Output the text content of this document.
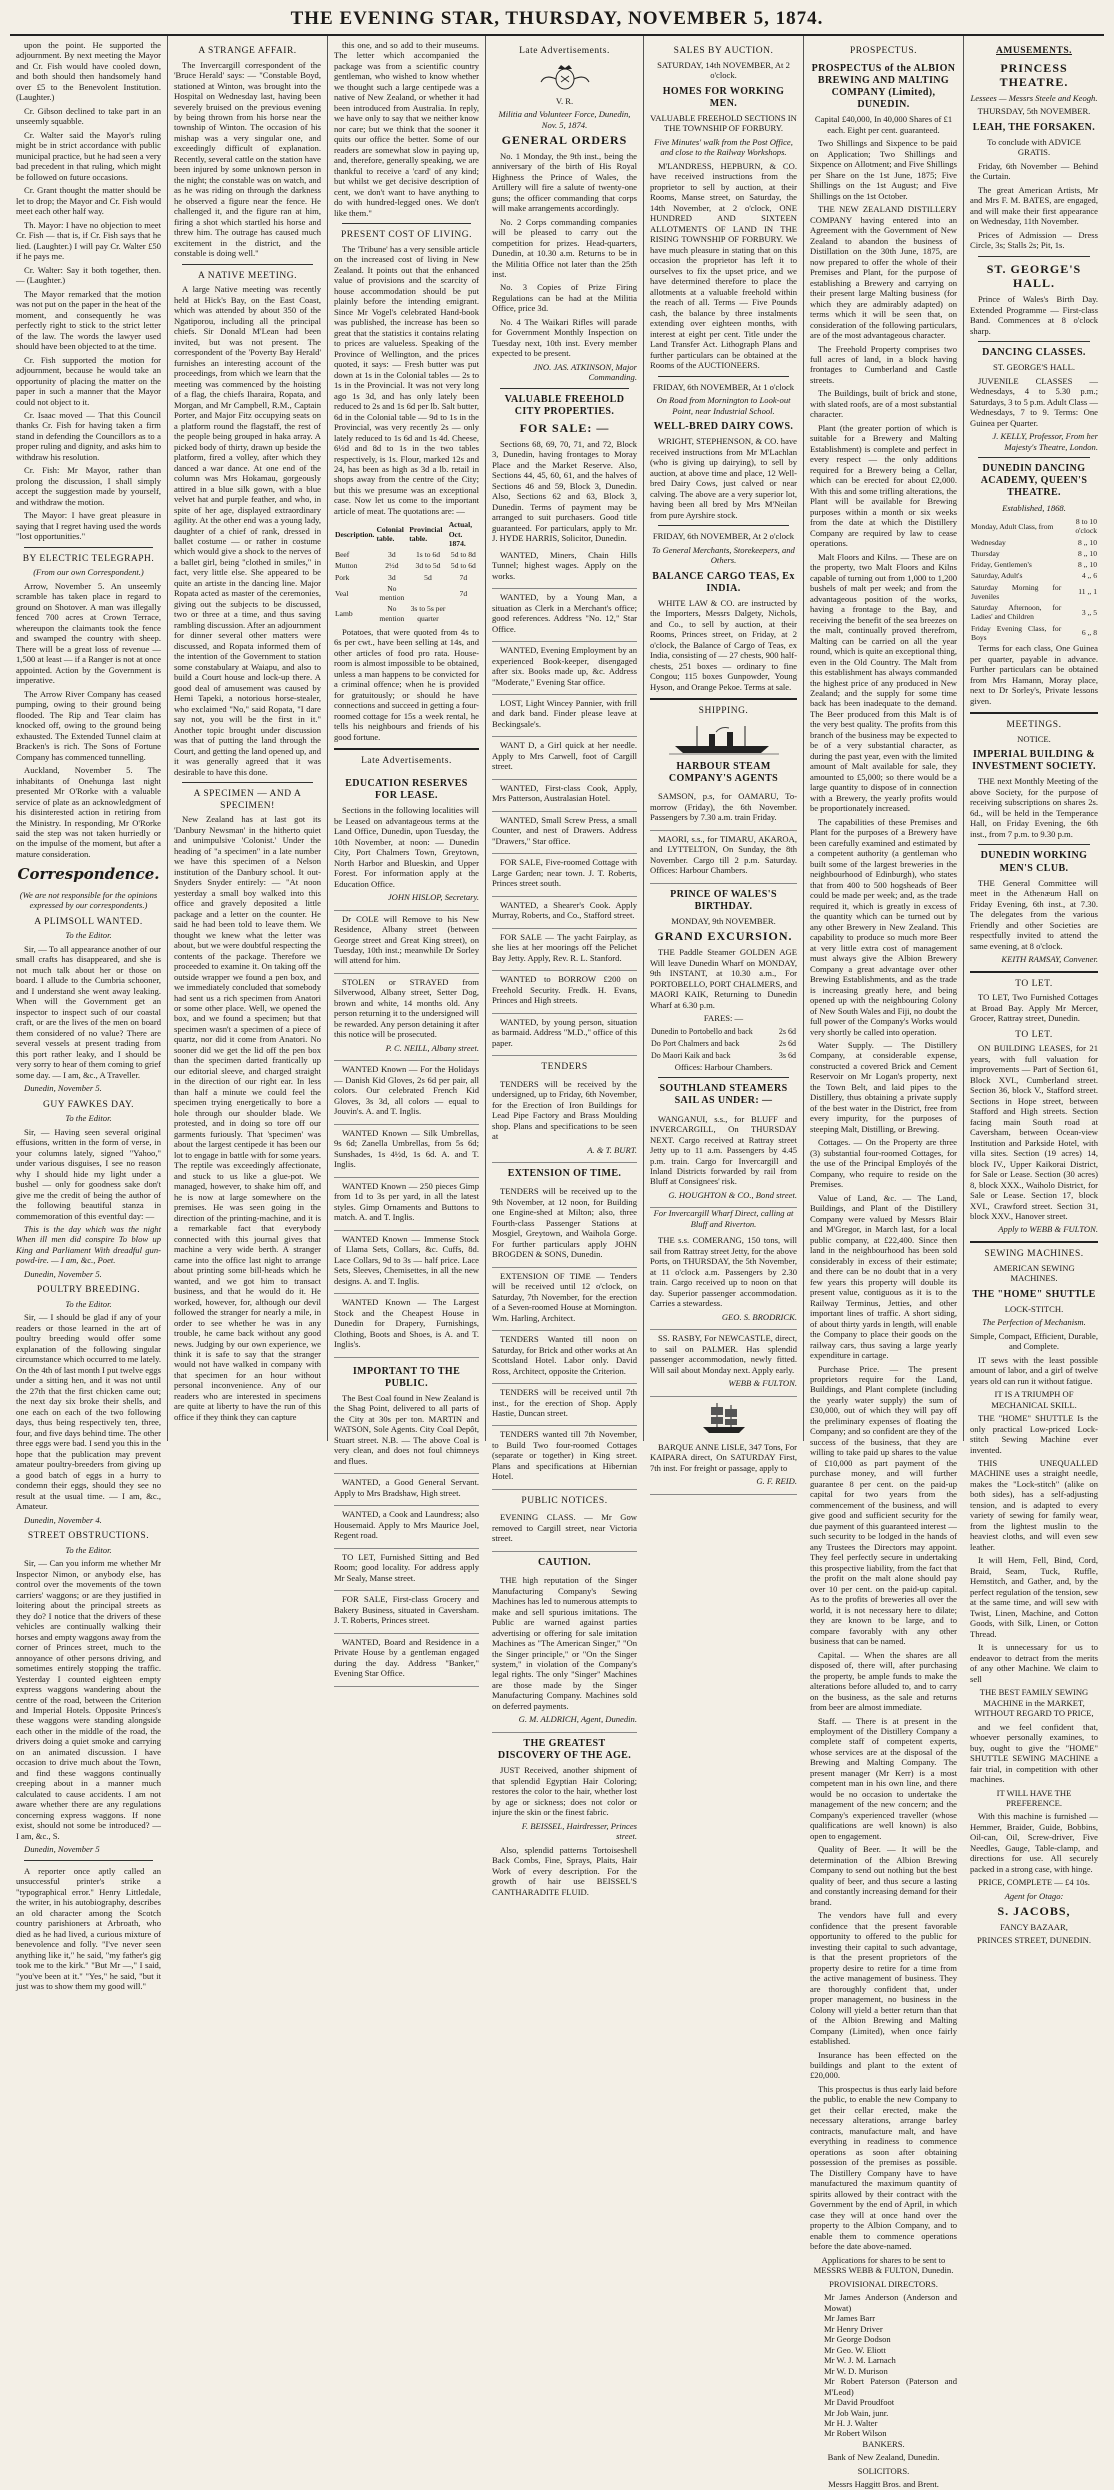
THE EVENING STAR, THURSDAY, NOVEMBER 5, 1874.

upon the point. He supported the adjournment. By next meeting the Mayor and Cr. Fish would have cooled down, and both should then handsomely hand over £5 to the Benevolent Institution. (Laughter.)

Cr. Gibson declined to take part in an unseemly squabble.

Cr. Walter said the Mayor's ruling might be in strict accordance with public municipal practice, but he had seen a very bad precedent in that ruling, which might be followed on future occasions.

Cr. Grant thought the matter should be let to drop; the Mayor and Cr. Fish would meet each other half way.

Th. Mayor: I have no objection to meet Cr. Fish — that is, if Cr. Fish says that he lied. (Laughter.) I will pay Cr. Walter £50 if he pays me.

Cr. Walter: Say it both together, then. — (Laughter.)

The Mayor remarked that the motion was not put on the paper in the heat of the moment, and consequently he was perfectly right to stick to the strict letter of the law. The words the lawyer used should have been objected to at the time.

Cr. Fish supported the motion for adjournment, because he would take an opportunity of placing the matter on the paper in such a manner that the Mayor could not object to it.

Cr. Isaac moved — That this Council thanks Cr. Fish for having taken a firm stand in defending the Councillors as to a proper ruling and dignity, and asks him to withdraw his resolution.

Cr. Fish: Mr Mayor, rather than prolong the discussion, I shall simply accept the suggestion made by yourself, and withdraw the motion.

The Mayor: I have great pleasure in saying that I regret having used the words "lost opportunities."

BY ELECTRIC TELEGRAPH.

(From our own Correspondent.)

Arrow, November 5. An unseemly scramble has taken place in regard to ground on Shotover. A man was illegally fenced 700 acres at Crown Terrace, whereupon the claimants took the fence and swamped the country with sheep. There will be a great loss of revenue — 1,500 at least — if a Ranger is not at once appointed. Action by the Government is imperative.

The Arrow River Company has ceased pumping, owing to their ground being flooded. The Rip and Tear claim has knocked off, owing to the ground being exhausted. The Extended Tunnel claim at Bracken's is rich. The Sons of Fortune Company has commenced tunnelling.

Auckland, November 5. The inhabitants of Onehunga last night presented Mr O'Rorke with a valuable service of plate as an acknowledgment of his disinterested action in retiring from the Ministry. In responding, Mr O'Rorke said the step was not taken hurriedly or on the impulse of the moment, but after a mature consideration.

Correspondence.

(We are not responsible for the opinions expressed by our correspondents.)

A PLIMSOLL WANTED.

To the Editor.

Sir, — To all appearance another of our small crafts has disappeared, and she is not much talk about her or those on board. I allude to the Cumbria schooner, and I understand she went away leaking. When will the Government get an inspector to inspect such of our coastal craft, or are the lives of the men on board them considered of no value? There are several vessels at present trading from this port rather leaky, and I should be very sorry to hear of them coming to grief some day. — I am, &c., A Traveller.

Dunedin, November 5.

GUY FAWKES DAY.

To the Editor.

Sir, — Having seen several original effusions, written in the form of verse, in your columns lately, signed "Yahoo," under various disguises, I see no reason why I should hide my light under a bushel — only for goodness sake don't give me the credit of being the author of the following beautiful stanza in commemoration of this eventful day: —

This is the day which was the night When ill men did conspire To blow up King and Parliament With dreadful gun-powd-ire. — I am, &c., Poet.

Dunedin, November 5.

POULTRY BREEDING.

To the Editor.

Sir, — I should be glad if any of your readers or those learned in the art of poultry breeding would offer some explanation of the following singular circumstance which occurred to me lately. On the 4th of last month I put twelve eggs under a sitting hen, and it was not until the 27th that the first chicken came out; the next day six broke their shells, and one each on each of the two following days, thus being respectively ten, three, four, and five days behind time. The other three eggs were bad. I send you this in the hope that the publication may prevent amateur poultry-breeders from giving up a good batch of eggs in a hurry to condemn their eggs, should they see no result at the usual time. — I am, &c., Amateur.

Dunedin, November 4.

STREET OBSTRUCTIONS.

To the Editor.

Sir, — Can you inform me whether Mr Inspector Nimon, or anybody else, has control over the movements of the town carriers' waggons; or are they justified in loitering about the principal streets as they do? I notice that the drivers of these vehicles are continually walking their horses and empty waggons away from the corner of Princes street, much to the annoyance of other persons driving, and sometimes entirely stopping the traffic. Yesterday I counted eighteen empty express waggons wandering about the centre of the road, between the Criterion and Imperial Hotels. Opposite Princes's these waggons were standing alongside each other in the middle of the road, the drivers doing a quiet smoke and carrying on an animated discussion. I have occasion to drive much about the Town, and find these waggons continually creeping about in a manner much calculated to cause accidents. I am not aware whether there are any regulations concerning express waggons. If none exist, should not some be introduced? — I am, &c., S.

Dunedin, November 5

A reporter once aptly called an unsuccessful printer's strike a "typographical error." Henry Littledale, the writer, in his autobiography, describes an old character among the Scotch country parishioners at Arbroath, who died as he had lived, a curious mixture of benevolence and folly. "I've never seen anything like it," he said, "my father's gig took me to the kirk." "But Mr —," I said, "you've been at it." "Yes," he said, "but it just was to show them my good will."

A STRANGE AFFAIR.

The Invercargill correspondent of the 'Bruce Herald' says: — "Constable Boyd, stationed at Winton, was brought into the Hospital on Wednesday last, having been severely bruised on the previous evening by being thrown from his horse near the township of Winton. The occasion of his mishap was a very singular one, and exceedingly difficult of explanation. Recently, several cattle on the station have been injured by some unknown person in the night; the constable was on watch, and as he was riding on through the darkness he observed a figure near the fence. He challenged it, and the figure ran at him, firing a shot which startled his horse and threw him. The outrage has caused much excitement in the district, and the constable is doing well."

A NATIVE MEETING.

A large Native meeting was recently held at Hick's Bay, on the East Coast, which was attended by about 350 of the Ngatiporou, including all the principal chiefs. Sir Donald M'Lean had been invited, but was not present. The correspondent of the 'Poverty Bay Herald' furnishes an interesting account of the proceedings, from which we learn that the meeting was commenced by the hoisting of a flag, the chiefs Iharaira, Ropata, and Morgan, and Mr Campbell, R.M., Captain Porter, and Major Fitz occupying seats on a platform round the flagstaff, the rest of the people being grouped in haka array. A picked body of thirty, drawn up beside the platform, fired a volley, after which they danced a war dance. At one end of the column was Mrs Hokamau, gorgeously attired in a blue silk gown, with a blue velvet hat and purple feather, and who, in spite of her age, displayed extraordinary agility. At the other end was a young lady, daughter of a chief of rank, dressed in ballet costume — or rather in costume which would give a shock to the nerves of a ballet girl, being "clothed in smiles," in fact, very little else. She appeared to be quite an artiste in the dancing line. Major Ropata acted as master of the ceremonies, giving out the subjects to be discussed, two or three at a time, and thus saving rambling discussion. After an adjournment for dinner several other matters were discussed, and Ropata informed them of the intention of the Government to station some constabulary at Waiapu, and also to build a Court house and lock-up there. A good deal of amusement was caused by Hemi Tapeki, a notorious horse-stealer, who exclaimed "No," said Ropata, "I dare say not, you will be the first in it." Another topic brought under discussion was that of putting the land through the Court, and getting the land opened up, and it was generally agreed that it was desirable to have this done.

A SPECIMEN — AND A SPECIMEN!

New Zealand has at last got its 'Danbury Newsman' in the hitherto quiet and unimpulsive 'Colonist.' Under the heading of "a specimen" in a late number we have this specimen of a Nelson institution of the Danbury school. It out-Snyders Snyder entirely: — "At noon yesterday a small boy walked into this office and gravely deposited a little package and a letter on the counter. He said he had been told to leave them. We thought we knew what the letter was about, but we were doubtful respecting the contents of the package. Therefore we proceeded to examine it. On taking off the outside wrapper we found a pen box, and we immediately concluded that somebody had sent us a rich specimen from Anatori or some other place. Well, we opened the box, and we found a specimen; but that specimen wasn't a specimen of a piece of quartz, nor did it come from Anatori. No sooner did we get the lid off the pen box than the specimen darted frantically up our editorial sleeve, and charged straight in the direction of our right ear. In less than half a minute we could feel the specimen trying energetically to bore a hole through our shoulder blade. We protested, and in doing so tore off our garments furiously. That 'specimen' was about the largest centipede it has been our lot to engage in battle with for some years. The reptile was exceedingly affectionate, and stuck to us like a glue-pot. We managed, however, to shake him off, and he is now at large somewhere on the premises. He was seen going in the direction of the printing-machine, and it is a remarkable fact that everybody connected with this journal gives that machine a very wide berth. A stranger came into the office last night to arrange about printing some bill-heads which he wanted, and we got him to transact business, and that he would do it. He worked, however, for, although our devil followed the stranger for nearly a mile, in order to see whether he was in any trouble, he came back without any good news. Judging by our own experience, we think it is safe to say that the stranger would not have walked in company with that specimen for an hour without personal inconvenience. Any of our readers who are interested in specimens are quite at liberty to have the run of this office if they think they can capture

this one, and so add to their museums. The letter which accompanied the package was from a scientific country gentleman, who wished to know whether we thought such a large centipede was a native of New Zealand, or whether it had been introduced from Australia. In reply, we have only to say that we neither know nor care; but we think that the sooner it quits our office the better. Some of our readers are somewhat slow in paying up, and, therefore, generally speaking, we are thankful to receive a 'card' of any kind; but whilst we get decisive description of cent, we don't want to have anything to do with hundred-legged ones. We don't like them."

PRESENT COST OF LIVING.

The 'Tribune' has a very sensible article on the increased cost of living in New Zealand. It points out that the enhanced value of provisions and the scarcity of house accommodation should be put plainly before the intending emigrant. Since Mr Vogel's celebrated Hand-book was published, the increase has been so great that the statistics it contains relating to prices are valueless. Speaking of the Province of Wellington, and the prices quoted, it says: — Fresh butter was put down at 1s in the Colonial tables — 2s to 1s in the Provincial. It was not very long ago 1s 3d, and has only lately been reduced to 2s and 1s 6d per lb. Salt butter, 6d in the Colonial table — 9d to 1s in the Provincial, was very recently 2s — only lately reduced to 1s 6d and 1s 4d. Cheese, 6½d and 8d to 1s in the two tables respectively, is 1s. Flour, marked 12s and 24, has been as high as 3d a lb. retail in shops away from the centre of the City; but this we presume was an exceptional case. Now let us come to the important article of meat. The quotations are: —

Description.	Colonial table.	Provincial table.	Actual, Oct. 1874.
Beef	3d	1s to 6d	5d to 8d
Mutton	2½d	3d to 5d	5d to 6d
Pork	3d	5d	7d
Veal	No mention		7d
Lamb	No mention	3s to 5s per quarter	

Potatoes, that were quoted from 4s to 6s per cwt., have been selling at 14s, and other articles of food pro rata. House-room is almost impossible to be obtained, unless a man happens to be convicted for a criminal offence; when he is provided for gratuitously; or should he have connections and succeed in getting a four-roomed cottage for 15s a week rental, he tells his neighbours and friends of his good fortune.

Late Advertisements.
EDUCATION RESERVES FOR LEASE.

Sections in the following localities will be Leased on advantageous terms at the Land Office, Dunedin, upon Tuesday, the 10th November, at noon: — Dunedin City, Port Chalmers Town, Greytown, North Harbor and Blueskin, and Upper Forest. For information apply at the Education Office.

JOHN HISLOP, Secretary.

Dr COLE will Remove to his New Residence, Albany street (between George street and Great King street), on Tuesday, 10th inst.; meanwhile Dr Sorley will attend for him.

STOLEN or STRAYED from Silverwood, Albany street, Setter Dog, brown and white, 14 months old. Any person returning it to the undersigned will be rewarded. Any person detaining it after this notice will be prosecuted.

P. C. NEILL, Albany street.

WANTED Known — For the Holidays — Danish Kid Gloves, 2s 6d per pair, all colors. Our celebrated French Kid Gloves, 3s 3d, all colors — equal to Jouvin's. A. and T. Inglis.

WANTED Known — Silk Umbrellas, 9s 6d; Zanella Umbrellas, from 5s 6d; Sunshades, 1s 4½d, 1s 6d. A. and T. Inglis.

WANTED Known — 250 pieces Gimp from 1d to 3s per yard, in all the latest styles. Gimp Ornaments and Buttons to match. A. and T. Inglis.

WANTED Known — Immense Stock of Llama Sets, Collars, &c. Cuffs, 8d. Lace Collars, 9d to 3s — half price. Lace Sets, Sleeves, Chemisettes, in all the new designs. A. and T. Inglis.

WANTED Known — The Largest Stock and the Cheapest House in Dunedin for Drapery, Furnishings, Clothing, Boots and Shoes, is A. and T. Inglis's.

IMPORTANT TO THE PUBLIC.

The Best Coal found in New Zealand is the Shag Point, delivered to all parts of the City at 30s per ton. MARTIN and WATSON, Sole Agents. City Coal Depôt, Stuart street. N.B. — The above Coal is very clean, and does not foul chimneys and flues.

WANTED, a Good General Servant. Apply to Mrs Bradshaw, High street.

WANTED, a Cook and Laundress; also Housemaid. Apply to Mrs Maurice Joel, Regent road.

TO LET, Furnished Sitting and Bed Room; good locality. For address apply Mr Sealy, Manse street.

FOR SALE, First-class Grocery and Bakery Business, situated in Caversham. J. T. Roberts, Princes street.

WANTED, Board and Residence in a Private House by a gentleman engaged during the day. Address "Banker," Evening Star Office.

Late Advertisements.

V. R.

Militia and Volunteer Force, Dunedin, Nov. 5, 1874.

GENERAL ORDERS

No. 1 Monday, the 9th inst., being the anniversary of the birth of His Royal Highness the Prince of Wales, the Artillery will fire a salute of twenty-one guns; the officer commanding that corps will make arrangements accordingly.

No. 2 Corps commanding companies will be pleased to carry out the competition for prizes. Head-quarters, Dunedin, at 10.30 a.m. Returns to be in the Militia Office not later than the 25th inst.

No. 3 Copies of Prize Firing Regulations can be had at the Militia Office, price 3d.

No. 4 The Waikari Rifles will parade for Government Monthly Inspection on Tuesday next, 10th inst. Every member expected to be present.

JNO. JAS. ATKINSON, Major Commanding.

VALUABLE FREEHOLD CITY PROPERTIES.
FOR SALE: —

Sections 68, 69, 70, 71, and 72, Block 3, Dunedin, having frontages to Moray Place and the Market Reserve. Also, Sections 44, 45, 60, 61, and the halves of Sections 46 and 59, Block 3, Dunedin. Also, Sections 62 and 63, Block 3, Dunedin. Terms of payment may be arranged to suit purchasers. Good title guaranteed. For particulars, apply to Mr. J. HYDE HARRIS, Solicitor, Dunedin.

WANTED, Miners, Chain Hills Tunnel; highest wages. Apply on the works.

WANTED, by a Young Man, a situation as Clerk in a Merchant's office; good references. Address "No. 12," Star Office.

WANTED, Evening Employment by an experienced Book-keeper, disengaged after six. Books made up, &c. Address "Moderate," Evening Star office.

LOST, Light Wincey Pannier, with frill and dark band. Finder please leave at Beckingsale's.

WANT D, a Girl quick at her needle. Apply to Mrs Carwell, foot of Cargill street.

WANTED, First-class Cook, Apply, Mrs Patterson, Australasian Hotel.

WANTED, Small Screw Press, a small Counter, and nest of Drawers. Address "Drawers," Star office.

FOR SALE, Five-roomed Cottage with Large Garden; near town. J. T. Roberts, Princes street south.

WANTED, a Shearer's Cook. Apply Murray, Roberts, and Co., Stafford street.

FOR SALE — The yacht Fairplay, as she lies at her moorings off the Pelichet Bay Jetty. Apply, Rev. R. L. Stanford.

WANTED to BORROW £200 on Freehold Security. Fredk. H. Evans, Princes and High streets.

WANTED, by young person, situation as barmaid. Address "M.D.," office of this paper.

TENDERS

TENDERS will be received by the undersigned, up to Friday, 6th November, for the Erection of Iron Buildings for Lead Pipe Factory and Brass Moulding shop. Plans and specifications to be seen at

A. & T. BURT.

EXTENSION OF TIME.

TENDERS will be received up to the 9th November, at 12 noon, for Building one Engine-shed at Milton; also, three Fourth-class Passenger Stations at Mosgiel, Greytown, and Waihola Gorge. For further particulars apply JOHN BROGDEN & SONS, Dunedin.

EXTENSION OF TIME — Tenders will be received until 12 o'clock, on Saturday, 7th November, for the erection of a Seven-roomed House at Mornington. Wm. Harling, Architect.

TENDERS Wanted till noon on Saturday, for Brick and other works at An Scottsland Hotel. Labor only. David Ross, Architect, opposite the Criterion.

TENDERS will be received until 7th inst., for the erection of Shop. Apply Hastie, Duncan street.

TENDERS wanted till 7th November, to Build Two four-roomed Cottages (separate or together) in King street. Plans and specifications at Hibernian Hotel.

PUBLIC NOTICES.

EVENING CLASS. — Mr Gow removed to Cargill street, near Victoria street.

CAUTION.

THE high reputation of the Singer Manufacturing Company's Sewing Machines has led to numerous attempts to make and sell spurious imitations. The Public are warned against parties advertising or offering for sale imitation Machines as "The American Singer," "On the Singer principle," or "On the Singer system," in violation of the Company's legal rights. The only "Singer" Machines are those made by the Singer Manufacturing Company. Machines sold on deferred payments.

G. M. ALDRICH, Agent, Dunedin.

THE GREATEST DISCOVERY OF THE AGE.

JUST Received, another shipment of that splendid Egyptian Hair Coloring; restores the color to the hair, whether lost by age or sickness; does not color or injure the skin or the finest fabric.

F. BEISSEL, Hairdresser, Princes street.

Also, splendid patterns Tortoiseshell Back Combs, Fine, Sprays, Plaits, Hair Work of every description. For the growth of hair use BEISSEL'S CANTHARADITE FLUID.

SALES BY AUCTION.

SATURDAY, 14th NOVEMBER, At 2 o'clock.

HOMES FOR WORKING MEN.

VALUABLE FREEHOLD SECTIONS IN THE TOWNSHIP OF FORBURY.

Five Minutes' walk from the Post Office, and close to the Railway Workshops.

M'LANDRESS, HEPBURN, & CO. have received instructions from the proprietor to sell by auction, at their Rooms, Manse street, on Saturday, the 14th November, at 2 o'clock, ONE HUNDRED AND SIXTEEN ALLOTMENTS OF LAND IN THE RISING TOWNSHIP OF FORBURY. We have much pleasure in stating that on this occasion the proprietor has left it to ourselves to fix the upset price, and we have determined therefore to place the allotments at a valuable freehold within the reach of all. Terms — Five Pounds cash, the balance by three instalments extending over eighteen months, with interest at eight per cent. Title under the Land Transfer Act. Lithograph Plans and further particulars can be obtained at the Rooms of the AUCTIONEERS.

FRIDAY, 6th NOVEMBER, At 1 o'clock

On Road from Mornington to Look-out Point, near Industrial School.

WELL-BRED DAIRY COWS.

WRIGHT, STEPHENSON, & CO. have received instructions from Mr M'Lachlan (who is giving up dairying), to sell by auction, at above time and place, 12 Well-bred Dairy Cows, just calved or near calving. The above are a very superior lot, having been all bred by Mrs M'Neilan from pure Ayrshire stock.

FRIDAY, 6th NOVEMBER, At 2 o'clock

To General Merchants, Storekeepers, and Others.

BALANCE CARGO TEAS, Ex INDIA.

WHITE LAW & CO. are instructed by the Importers, Messrs Dalgety, Nichols, and Co., to sell by auction, at their Rooms, Princes street, on Friday, at 2 o'clock, the Balance of Cargo of Teas, ex India, consisting of — 27 chests, 900 half-chests, 251 boxes — ordinary to fine Congou; 115 boxes Gunpowder, Young Hyson, and Orange Pekoe. Terms at sale.

SHIPPING.
HARBOUR STEAM COMPANY'S AGENTS

SAMSON, p.s, for OAMARU, To-morrow (Friday), the 6th November. Passengers by 7.30 a.m. train Friday.

MAORI, s.s., for TIMARU, AKAROA, and LYTTELTON, On Sunday, the 8th November. Cargo till 2 p.m. Saturday. Offices: Harbour Chambers.

PRINCE OF WALES'S BIRTHDAY.

MONDAY, 9th NOVEMBER.

GRAND EXCURSION.

THE Paddle Steamer GOLDEN AGE Will leave Dunedin Wharf on MONDAY, 9th INSTANT, at 10.30 a.m., For PORTOBELLO, PORT CHALMERS, and MAORI KAIK, Returning to Dunedin Wharf at 6.30 p.m.

FARES: —

Dunedin to Portobello and back	2s 6d
Do Port Chalmers and back	2s 6d
Do Maori Kaik and back	3s 6d

Offices: Harbour Chambers.

SOUTHLAND STEAMERS SAIL AS UNDER: —

WANGANUI, s.s., for BLUFF and INVERCARGILL, On THURSDAY NEXT. Cargo received at Rattray street Jetty up to 11 a.m. Passengers by 4.45 p.m. train. Cargo for Invercargill and Inland Districts forwarded by rail from Bluff at Consignees' risk.

G. HOUGHTON & CO., Bond street.

For Invercargill Wharf Direct, calling at Bluff and Riverton.

THE s.s. COMERANG, 150 tons, will sail from Rattray street Jetty, for the above Ports, on THURSDAY, the 5th November, at 11 o'clock a.m. Passengers by 2.30 train. Cargo received up to noon on that day. Superior passenger accommodation. Carries a stewardess.

GEO. S. BRODRICK.

SS. RASBY, For NEWCASTLE, direct, to sail on PALMER. Has splendid passenger accommodation, newly fitted. Will sail about Monday next. Apply early.

WEBB & FULTON.

BARQUE ANNE LISLE, 347 Tons, For KAIPARA direct, On SATURDAY First, 7th inst. For freight or passage, apply to

G. F. REID.

PROSPECTUS.
PROSPECTUS of the ALBION BREWING AND MALTING COMPANY (Limited), DUNEDIN.

Capital £40,000, In 40,000 Shares of £1 each. Eight per cent. guaranteed.

Two Shillings and Sixpence to be paid on Application; Two Shillings and Sixpence on Allotment; and Five Shillings per Share on the 1st June, 1875; Five Shillings on the 1st August; and Five Shillings on the 1st October.

THE NEW ZEALAND DISTILLERY COMPANY having entered into an Agreement with the Government of New Zealand to abandon the business of Distillation on the 30th June, 1875, are now prepared to offer the whole of their Premises and Plant, for the purpose of establishing a Brewery and carrying on their present large Malting business (for which they are admirably adapted) on terms which it will be seen that, on consideration of the following particulars, are of the most advantageous character.

The Freehold Property comprises two full acres of land, in a block having frontages to Cumberland and Castle streets.

The Buildings, built of brick and stone, with slated roofs, are of a most substantial character.

Plant (the greater portion of which is suitable for a Brewery and Malting Establishment) is complete and perfect in every respect — the only additions required for a Brewery being a Cellar, which can be erected for about £2,000. With this and some trifling alterations, the Plant will be available for Brewing purposes within a month or six weeks from the date at which the Distillery Company are required by law to cease operations.

Malt Floors and Kilns. — These are on the property, two Malt Floors and Kilns capable of turning out from 1,000 to 1,200 bushels of malt per week; and from the advantageous position of the works, having a frontage to the Bay, and receiving the benefit of the sea breezes on the malt, continually proved therefrom, Malting can be carried on all the year round, which is quite an exceptional thing, even in the Old Country. The Malt from this establishment has always commanded the highest price of any produced in New Zealand; and the supply for some time back has been inadequate to the demand. The Beer produced from this Malt is of the very best quality. The profits from this branch of the business may be expected to be of a very substantial character, as during the past year, even with the limited amount of Malt available for sale, they amounted to £5,000; so there would be a large quantity to dispose of in connection with a Brewery, the yearly profits would be proportionately increased.

The capabilities of these Premises and Plant for the purposes of a Brewery have been carefully examined and estimated by a competent authority (a gentleman who built some of the largest breweries in the neighbourhood of Edinburgh), who states that from 400 to 500 hogsheads of Beer could be made per week; and, as the trade required it, which is greatly in excess of the quantity which can be turned out by any other Brewery in New Zealand. This capability to produce so much more Beer at very little extra cost of management must always give the Albion Brewery Company a great advantage over other Brewing Establishments, and as the trade is increasing greatly here, and being opened up with the neighbouring Colony of New South Wales and Fiji, no doubt the full power of the Company's Works would very shortly be called into operation.

Water Supply. — The Distillery Company, at considerable expense, constructed a covered Brick and Cement Reservoir on Mr Logan's property, next the Town Belt, and laid pipes to the Distillery, thus obtaining a private supply of the best water in the District, free from every impurity, for the purposes of steeping Malt, Distilling, or Brewing.

Cottages. — On the Property are three (3) substantial four-roomed Cottages, for the use of the Principal Employés of the Company, who require to reside on the Premises.

Value of Land, &c. — The Land, Buildings, and Plant of the Distillery Company were valued by Messrs Blair and M'Gregor, in March last, for a local public company, at £22,400. Since then land in the neighbourhood has been sold considerably in excess of their estimate; and there can be no doubt that in a very few years this property will double its present value, contiguous as it is to the Railway Terminus, Jetties, and other important lines of traffic. A short siding, of about thirty yards in length, will enable the Company to place their goods on the railway cars, thus saving a large yearly expenditure in cartage.

Purchase Price. — The present proprietors require for the Land, Buildings, and Plant complete (including the yearly water supply) the sum of £30,000, out of which they will pay off the preliminary expenses of floating the Company; and so confident are they of the success of the business, that they are willing to take paid up shares to the value of £10,000 as part payment of the purchase money, and will further guarantee 8 per cent. on the paid-up capital for two years from the commencement of the business, and will give good and sufficient security for the due payment of this guaranteed interest — such security to be lodged in the hands of any Trustees the Directors may appoint. They feel perfectly secure in undertaking this prospective liability, from the fact that the profit on the malt alone should pay over 10 per cent. on the paid-up capital. As to the profits of breweries all over the world, it is not necessary here to dilate; they are known to be large, and to compare favorably with any other business that can be named.

Capital. — When the shares are all disposed of, there will, after purchasing the property, be ample funds to make the alterations before alluded to, and to carry on the business, as the sale and returns from beer are almost immediate.

Staff. — There is at present in the employment of the Distillery Company a complete staff of competent experts, whose services are at the disposal of the Brewing and Malting Company. The present manager (Mr Kerr) is a most competent man in his own line, and there would be no occasion to undertake the management of the new concern; and the Company's experienced traveller (whose qualifications are well known) is also open to engagement.

Quality of Beer. — It will be the determination of the Albion Brewing Company to send out nothing but the best quality of beer, and thus secure a lasting and constantly increasing demand for their brand.

The vendors have full and every confidence that the present favorable opportunity to offered to the public for investing their capital to such advantage, is that the present proprietors of the property desire to retire for a time from the active management of business. They are thoroughly confident that, under proper management, no business in the Colony will yield a better return than that of the Albion Brewing and Malting Company (Limited), when once fairly established.

Insurance has been effected on the buildings and plant to the extent of £20,000.

This prospectus is thus early laid before the public, to enable the new Company to get their cellar erected, make the necessary alterations, arrange barley contracts, manufacture malt, and have everything in readiness to commence operations as soon after obtaining possession of the premises as possible. The Distillery Company have to have manufactured the maximum quantity of spirits allowed by their contract with the Government by the end of April, in which case they will at once hand over the property to the Albion Company, and to enable them to commence operations before the date above-named.

Applications for shares to be sent to MESSRS WEBB & FULTON, Dunedin.

PROVISIONAL DIRECTORS.

Mr James Anderson (Anderson and Mowat)
Mr James Barr
Mr Henry Driver
Mr George Dodson
Mr Geo. W. Eliott
Mr W. J. M. Larnach
Mr W. D. Murison
Mr Robert Paterson (Paterson and M'Leod)
Mr David Proudfoot
Mr Job Wain, junr.
Mr H. J. Walter
Mr Robert Wilson

BANKERS.

Bank of New Zealand, Dunedin.

SOLICITORS.

Messrs Haggitt Bros. and Brent.

AMUSEMENTS.
PRINCESS THEATRE.

Lessees — Messrs Steele and Keogh.

THURSDAY, 5th NOVEMBER.

LEAH, THE FORSAKEN.

To conclude with ADVICE GRATIS.

Friday, 6th November — Behind the Curtain.

The great American Artists, Mr and Mrs F. M. BATES, are engaged, and will make their first appearance on Wednesday, 11th November.

Prices of Admission — Dress Circle, 3s; Stalls 2s; Pit, 1s.

ST. GEORGE'S HALL.

Prince of Wales's Birth Day. Extended Programme — First-class Band. Commences at 8 o'clock sharp.

DANCING CLASSES.

ST. GEORGE'S HALL.

JUVENILE CLASSES — Wednesdays, 4 to 5.30 p.m.; Saturdays, 3 to 5 p.m. Adult Class — Wednesdays, 7 to 9. Terms: One Guinea per Quarter.

J. KELLY, Professor, From her Majesty's Theatre, London.

DUNEDIN DANCING ACADEMY, QUEEN'S THEATRE.

Established, 1868.

Monday, Adult Class, from	8 to 10 o'clock
Wednesday	8 ,, 10
Thursday	8 ,, 10
Friday, Gentlemen's	8 ,, 10
Saturday, Adult's	4 ,, 6
Saturday Morning for Juveniles	11 ,, 1
Saturday Afternoon, for Ladies' and Children	3 ,, 5
Friday Evening Class, for Boys	6 ,, 8

Terms for each class, One Guinea per quarter, payable in advance. Further particulars can be obtained from Mrs Hamann, Moray place, next to Dr Sorley's, Private lessons given.

MEETINGS.

NOTICE.

IMPERIAL BUILDING & INVESTMENT SOCIETY.

THE next Monthly Meeting of the above Society, for the purpose of receiving subscriptions on shares 2s. 6d., will be held in the Temperance Hall, on Friday Evening, the 6th inst., from 7 p.m. to 9.30 p.m.

DUNEDIN WORKING MEN'S CLUB.

THE General Committee will meet in the Athenæum Hall on Friday Evening, 6th inst., at 7.30. The delegates from the various Friendly and other Societies are respectfully invited to attend the same evening, at 8 o'clock.

KEITH RAMSAY, Convener.

TO LET.

TO LET, Two Furnished Cottages at Broad Bay. Apply Mr Mercer, Grocer, Rattray street, Dunedin.

TO LET.

ON BUILDING LEASES, for 21 years, with full valuation for improvements — Part of Section 61, Block XVI., Cumberland street. Section 36, block V., Stafford street. Sections in Hope street, between Stafford and High streets. Section facing main South road at Caversham, between Ocean-view Institution and Parkside Hotel, with villa sites. Section (19 acres) 14, block IV., Upper Kaikorai District, for Sale or Lease. Section (30 acres) 8, block XXX., Waiholo District, for Sale or Lease. Section 17, block XVI., Crawford street. Section 31, block XXV., Hanover street.

Apply to WEBB & FULTON.

SEWING MACHINES.

AMERICAN SEWING MACHINES.

THE "HOME" SHUTTLE

LOCK-STITCH.

The Perfection of Mechanism.

Simple, Compact, Efficient, Durable, and Complete.

IT sews with the least possible amount of labor, and a girl of twelve years old can run it without fatigue.

IT IS A TRIUMPH OF MECHANICAL SKILL.

THE "HOME" SHUTTLE Is the only practical Low-priced Lock-stitch Sewing Machine ever invented.

THIS UNEQUALLED MACHINE uses a straight needle, makes the "Lock-stitch" (alike on both sides), has a self-adjusting tension, and is adapted to every variety of sewing for family wear, from the lightest muslin to the heaviest cloths, and will even sew leather.

It will Hem, Fell, Bind, Cord, Braid, Seam, Tuck, Ruffle, Hemstitch, and Gather, and, by the perfect regulation of the tension, sew at the same time, and will sew with Twist, Linen, Machine, and Cotton Goods, with Silk, Linen, or Cotton Thread.

It is unnecessary for us to endeavor to detract from the merits of any other Machine. We claim to sell

THE BEST FAMILY SEWING MACHINE in the MARKET, WITHOUT REGARD TO PRICE,

and we feel confident that, whoever personally examines, to buy, ought to give the "HOME" SHUTTLE SEWING MACHINE a fair trial, in competition with other machines.

IT WILL HAVE THE PREFERENCE.

With this machine is furnished — Hemmer, Braider, Guide, Bobbins, Oil-can, Oil, Screw-driver, Five Needles, Gauge, Table-clamp, and directions for use. All securely packed in a strong case, with hinge.

PRICE, COMPLETE — £4 10s.

Agent for Otago:

S. JACOBS,

FANCY BAZAAR,

PRINCES STREET, DUNEDIN.
